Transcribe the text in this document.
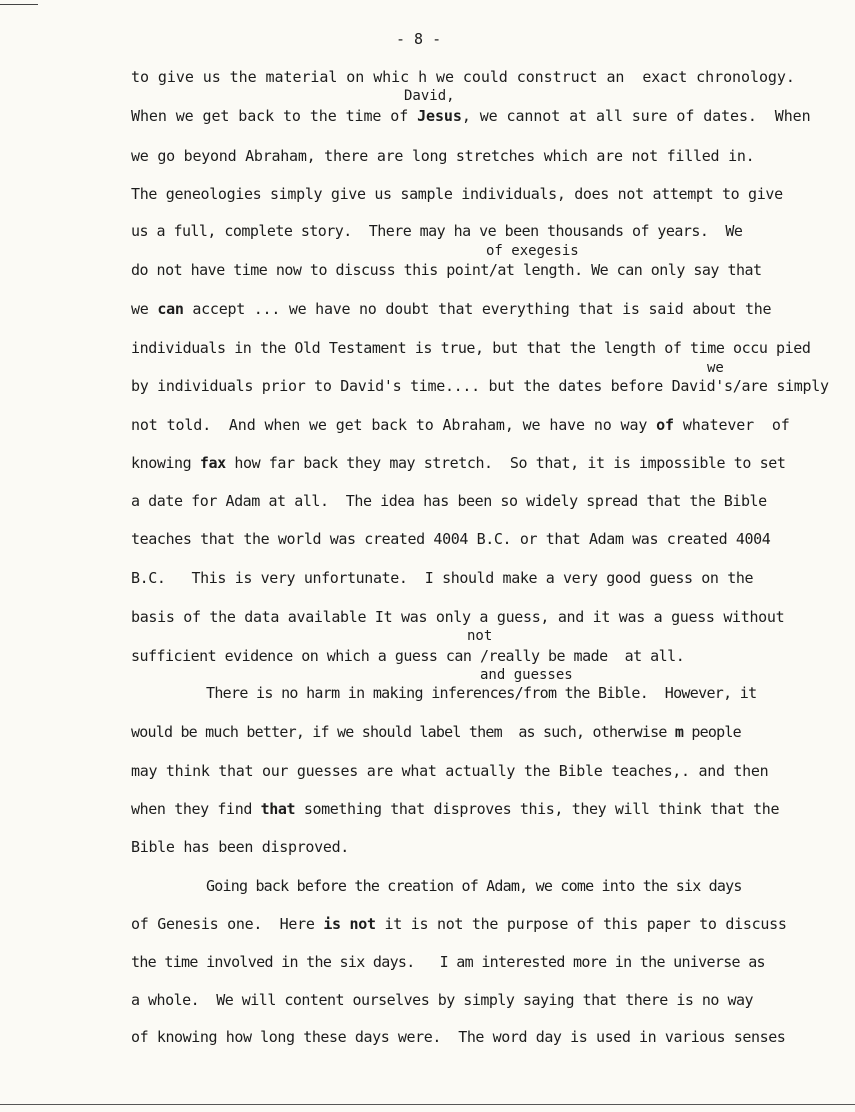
- 8 -
to give us the material on whic h we could construct an  exact chronology.
David,
When we get back to the time of Jesus, we cannot at all sure of dates.  When
we go beyond Abraham, there are long stretches which are not filled in.
The geneologies simply give us sample individuals, does not attempt to give
us a full, complete story.  There may ha ve been thousands of years.  We
of exegesis
do not have time now to discuss this point/at length. We can only say that
we can accept ... we have no doubt that everything that is said about the
individuals in the Old Testament is true, but that the length of time occu pied
we
by individuals prior to David's time.... but the dates before David's/are simply
not told.  And when we get back to Abraham, we have no way of whatever  of
knowing fax how far back they may stretch.  So that, it is impossible to set
a date for Adam at all.  The idea has been so widely spread that the Bible
teaches that the world was created 4004 B.C. or that Adam was created 4004
B.C.   This is very unfortunate.  I should make a very good guess on the
basis of the data available It was only a guess, and it was a guess without
not
sufficient evidence on which a guess can /really be made  at all.
and guesses
There is no harm in making inferences/from the Bible.  However, it
would be much better, if we should label them  as such, otherwise m people
may think that our guesses are what actually the Bible teaches,. and then
when they find that something that disproves this, they will think that the
Bible has been disproved.
Going back before the creation of Adam, we come into the six days
of Genesis one.  Here is not it is not the purpose of this paper to discuss
the time involved in the six days.   I am interested more in the universe as
a whole.  We will content ourselves by simply saying that there is no way
of knowing how long these days were.  The word day is used in various senses
